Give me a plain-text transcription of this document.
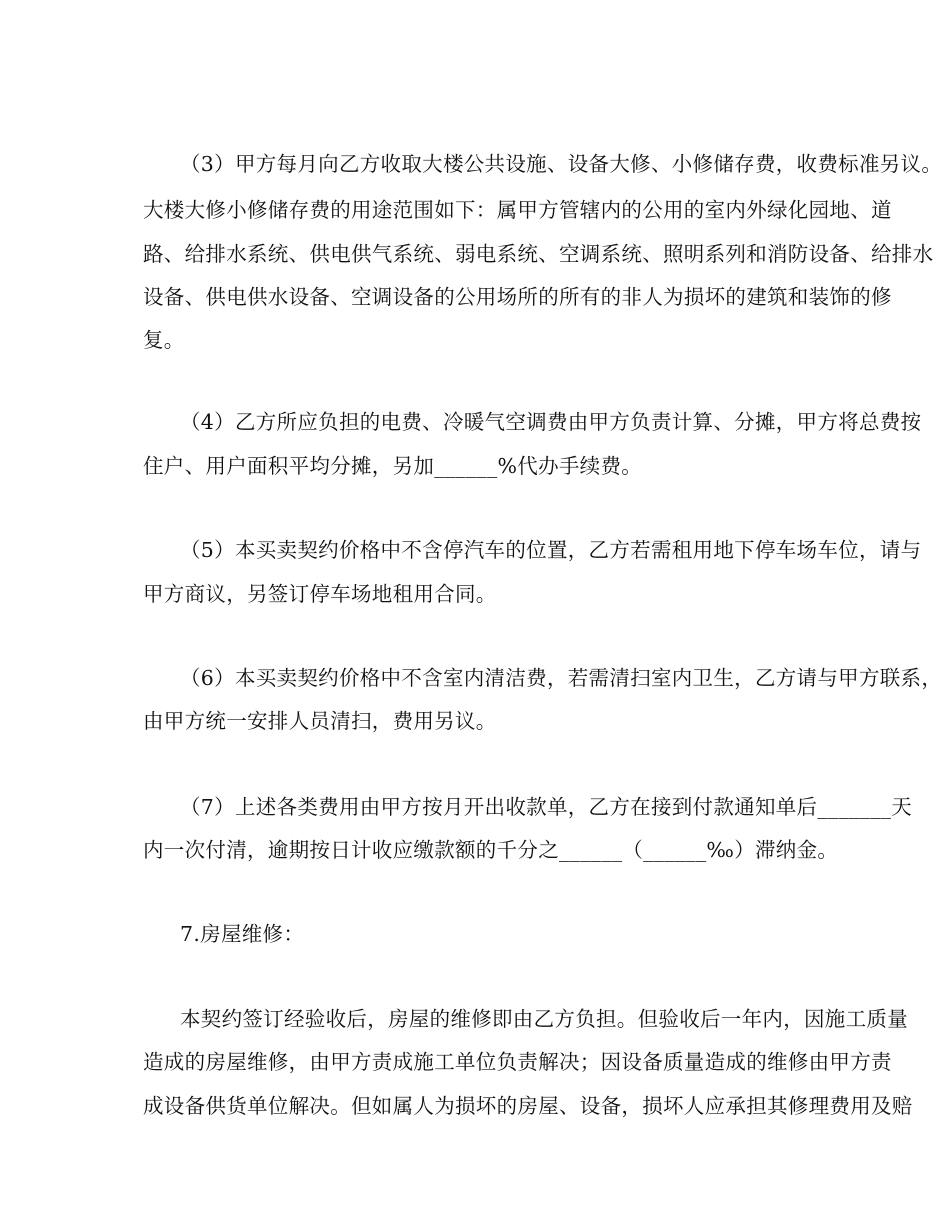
（3）甲方每月向乙方收取大楼公共设施、设备大修、小修储存费，收费标准另议。
大楼大修小修储存费的用途范围如下：属甲方管辖内的公用的室内外绿化园地、道
路、给排水系统、供电供气系统、弱电系统、空调系统、照明系列和消防设备、给排水
设备、供电供水设备、空调设备的公用场所的所有的非人为损坏的建筑和装饰的修
复。
（4）乙方所应负担的电费、冷暖气空调费由甲方负责计算、分摊，甲方将总费按
住户、用户面积平均分摊，另加______%代办手续费。
（5）本买卖契约价格中不含停汽车的位置，乙方若需租用地下停车场车位，请与
甲方商议，另签订停车场地租用合同。
（6）本买卖契约价格中不含室内清洁费，若需清扫室内卫生，乙方请与甲方联系，
由甲方统一安排人员清扫，费用另议。
（7）上述各类费用由甲方按月开出收款单，乙方在接到付款通知单后_______天
内一次付清，逾期按日计收应缴款额的千分之______（______‰）滞纳金。
7.房屋维修：
本契约签订经验收后，房屋的维修即由乙方负担。但验收后一年内，因施工质量
造成的房屋维修，由甲方责成施工单位负责解决；因设备质量造成的维修由甲方责
成设备供货单位解决。但如属人为损坏的房屋、设备，损坏人应承担其修理费用及赔
